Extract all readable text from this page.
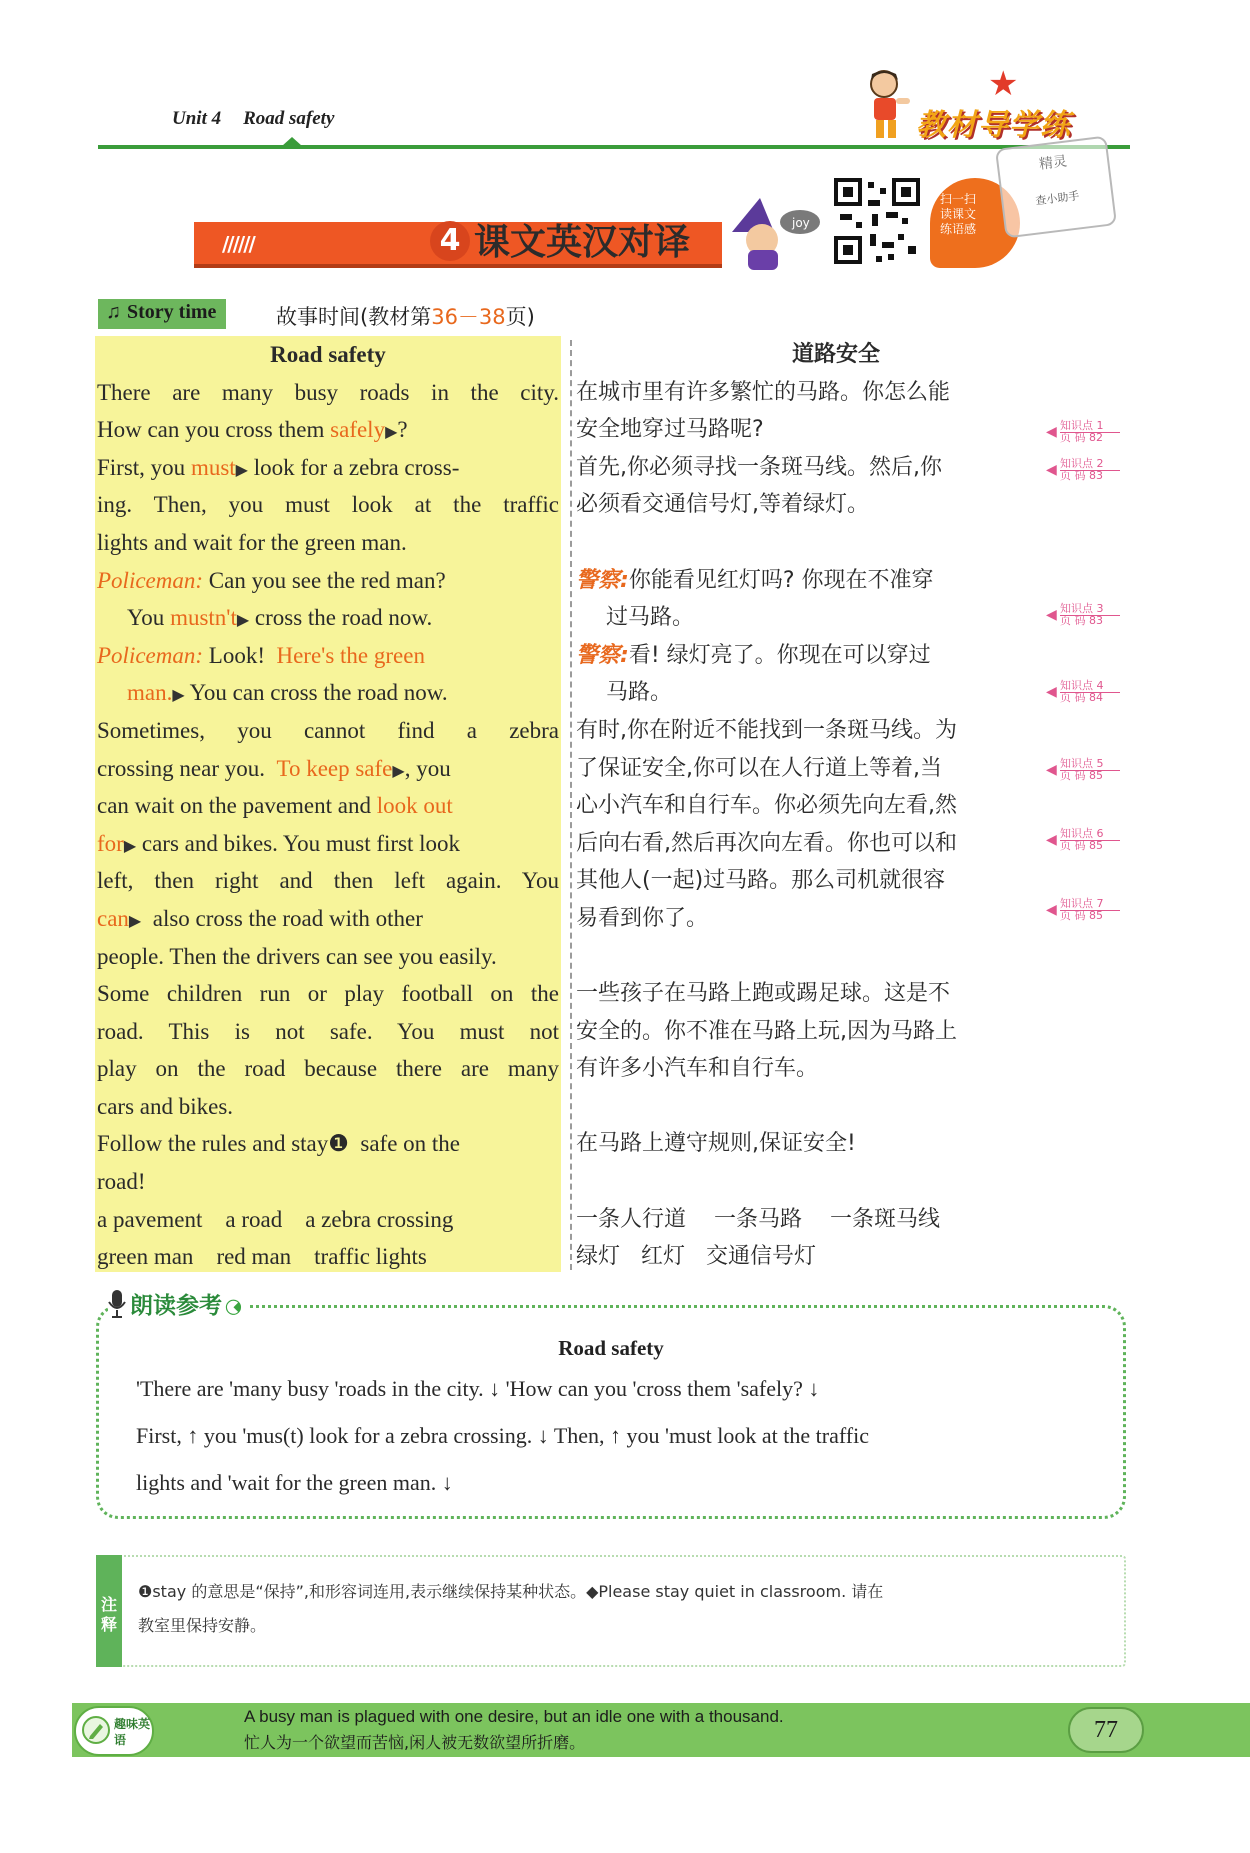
Unit 4 Road safety
★
教材导学练
//////	4 课文英汉对译	joy
扫一扫
读课文
练语感
精灵
查小助手
♫ Story time	故事时间(教材第36－38页)
Road safety
There are many busy roads in the city.
How can you cross them safely▶?
First, you must▶ look for a zebra cross-
ing. Then, you must look at the traffic
lights and wait for the green man.
Policeman: Can you see the red man?
You mustn't▶ cross the road now.
Policeman: Look! Here's the green
man.▶ You can cross the road now.
Sometimes, you cannot find a zebra
crossing near you. To keep safe▶, you
can wait on the pavement and look out
for▶ cars and bikes. You must first look
left, then right and then left again. You
can▶ also cross the road with other
people. Then the drivers can see you easily.
Some children run or play football on the
road. This is not safe. You must not
play on the road because there are many
cars and bikes.
Follow the rules and stay❶ safe on the
road!
a pavement a road a zebra crossing
green man red man traffic lights
道路安全
在城市里有许多繁忙的马路。你怎么能
安全地穿过马路呢?
首先,你必须寻找一条斑马线。然后,你
必须看交通信号灯,等着绿灯。
警察:你能看见红灯吗? 你现在不准穿
过马路。
警察:看! 绿灯亮了。你现在可以穿过
马路。
有时,你在附近不能找到一条斑马线。为
了保证安全,你可以在人行道上等着,当
心小汽车和自行车。你必须先向左看,然
后向右看,然后再次向左看。你也可以和
其他人(一起)过马路。那么司机就很容
易看到你了。
一些孩子在马路上跑或踢足球。这是不
安全的。你不准在马路上玩,因为马路上
有许多小汽车和自行车。
在马路上遵守规则,保证安全!
一条人行道 一条马路 一条斑马线
绿灯 红灯 交通信号灯
◀ 知识点 1
页 码 82
◀ 知识点 2
页 码 83
◀ 知识点 3
页 码 83
◀ 知识点 4
页 码 84
◀ 知识点 5
页 码 85
◀ 知识点 6
页 码 85
◀ 知识点 7
页 码 85
朗读参考◔
Road safety
'There are 'many busy 'roads in the city. ↓ 'How can you 'cross them 'safely? ↓
First, ↑ you 'mus(t) look for a zebra crossing. ↓ Then, ↑ you 'must look at the traffic
lights and 'wait for the green man. ↓
注释
❶stay 的意思是“保持”,和形容词连用,表示继续保持某种状态。◆Please stay quiet in classroom. 请在
教室里保持安静。
趣味英语
A busy man is plagued with one desire, but an idle one with a thousand.
忙人为一个欲望而苦恼,闲人被无数欲望所折磨。	77
